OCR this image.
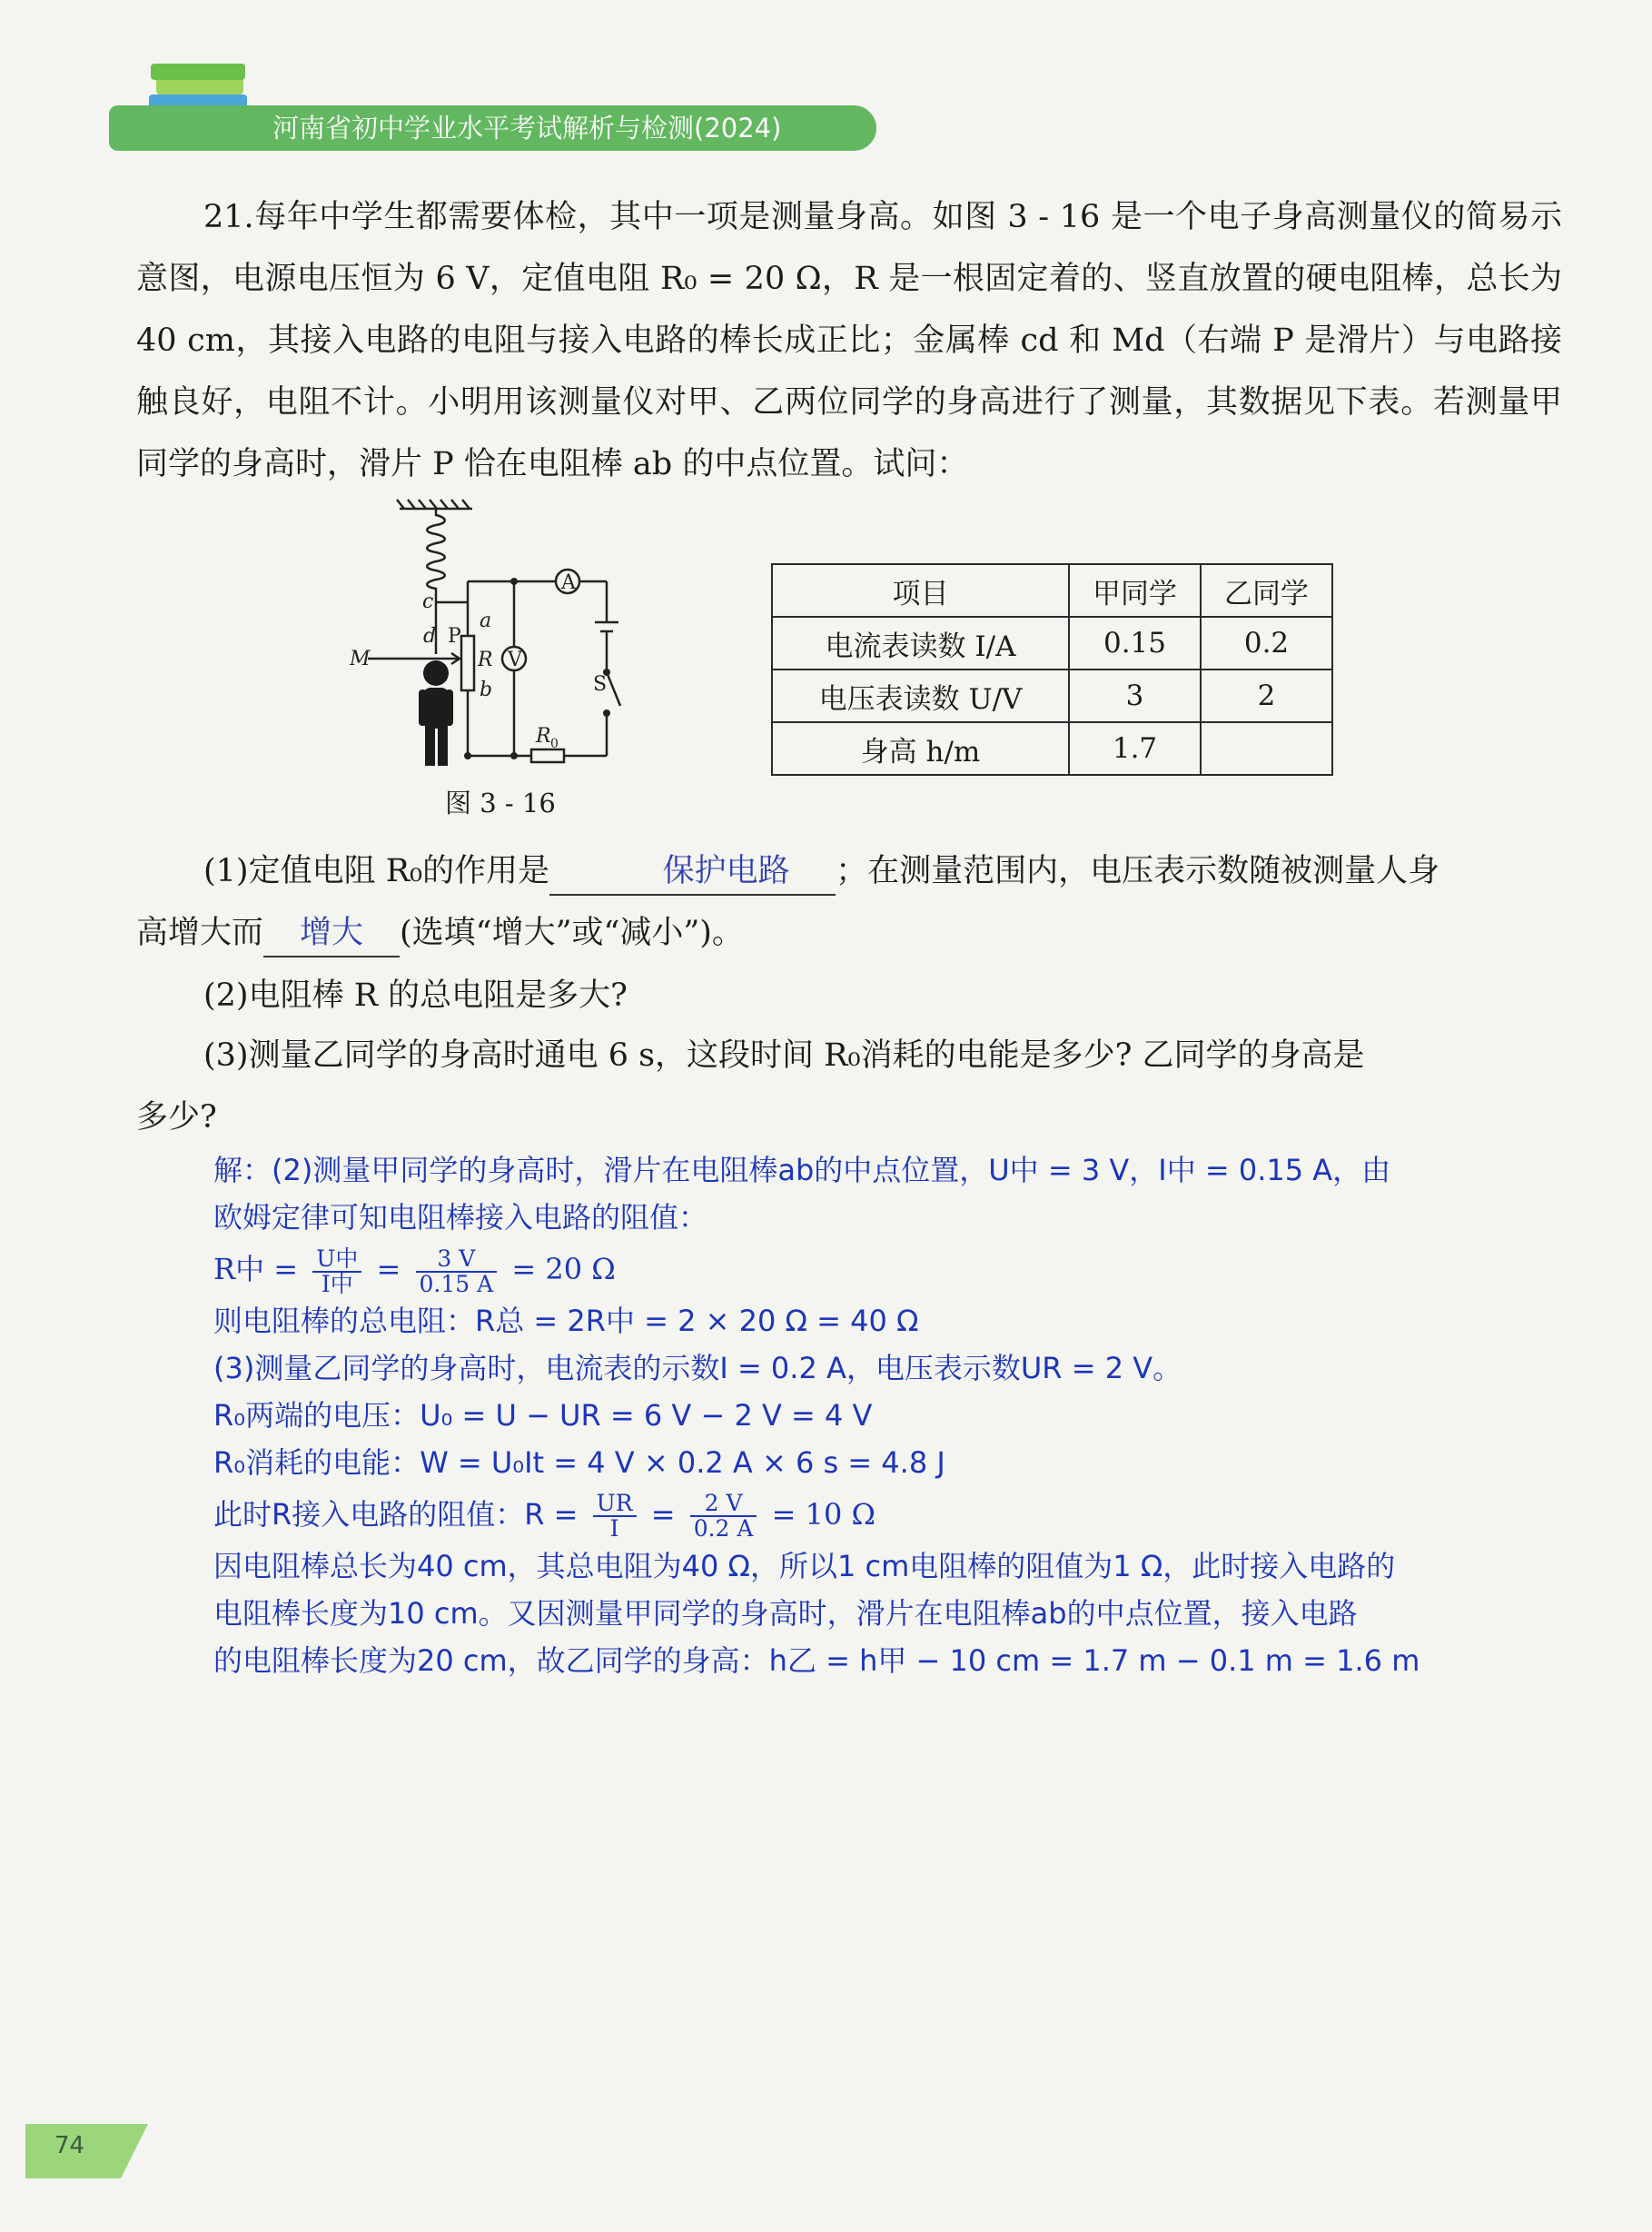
河南省初中学业水平考试解析与检测(2024)

21.每年中学生都需要体检，其中一项是测量身高。如图 3 - 16 是一个电子身高测量仪的简易示意图，电源电压恒为 6 V，定值电阻 R₀ = 20 Ω，R 是一根固定着的、竖直放置的硬电阻棒，总长为 40 cm，其接入电路的电阻与接入电路的棒长成正比；金属棒 cd 和 Md（右端 P 是滑片）与电路接触良好，电阻不计。小明用该测量仪对甲、乙两位同学的身高进行了测量，其数据见下表。若测量甲同学的身高时，滑片 P 恰在电阻棒 ab 的中点位置。试问：

A
V
P
a
R
b
c
d
M
S
R 0
图 3 - 16
项目	甲同学	乙同学
电流表读数 I/A	0.15	0.2
电压表读数 U/V	3	2
身高 h/m	1.7	
(1)定值电阻 R₀的作用是	保护电路 ；在测量范围内，电压表示数随被测量人身
高增大而 增大 (选填“增大”或“减小”)。
(2)电阻棒 R 的总电阻是多大?
(3)测量乙同学的身高时通电 6 s，这段时间 R₀消耗的电能是多少? 乙同学的身高是
多少?
解：(2)测量甲同学的身高时，滑片在电阻棒ab的中点位置，U中 = 3 V，I中 = 0.15 A，由
欧姆定律可知电阻棒接入电路的阻值：
R中 = $\frac{\text{U中}}{\text{I中}} = \frac{3 V}{0.15 A} = 20$ Ω
则电阻棒的总电阻：R总 = 2R中 = 2 × 20 Ω = 40 Ω
(3)测量乙同学的身高时，电流表的示数I = 0.2 A，电压表示数UR = 2 V。
R₀两端的电压：U₀ = U − UR = 6 V − 2 V = 4 V
R₀消耗的电能：W = U₀It = 4 V × 0.2 A × 6 s = 4.8 J
此时R接入电路的阻值：$R = \frac{UR}{I} = \frac{2 V}{0.2 A} = 10$ Ω
因电阻棒总长为40 cm，其总电阻为40 Ω，所以1 cm电阻棒的阻值为1 Ω，此时接入电路的
电阻棒长度为10 cm。又因测量甲同学的身高时，滑片在电阻棒ab的中点位置，接入电路
的电阻棒长度为20 cm，故乙同学的身高：h乙 = h甲 − 10 cm = 1.7 m − 0.1 m = 1.6 m
74
